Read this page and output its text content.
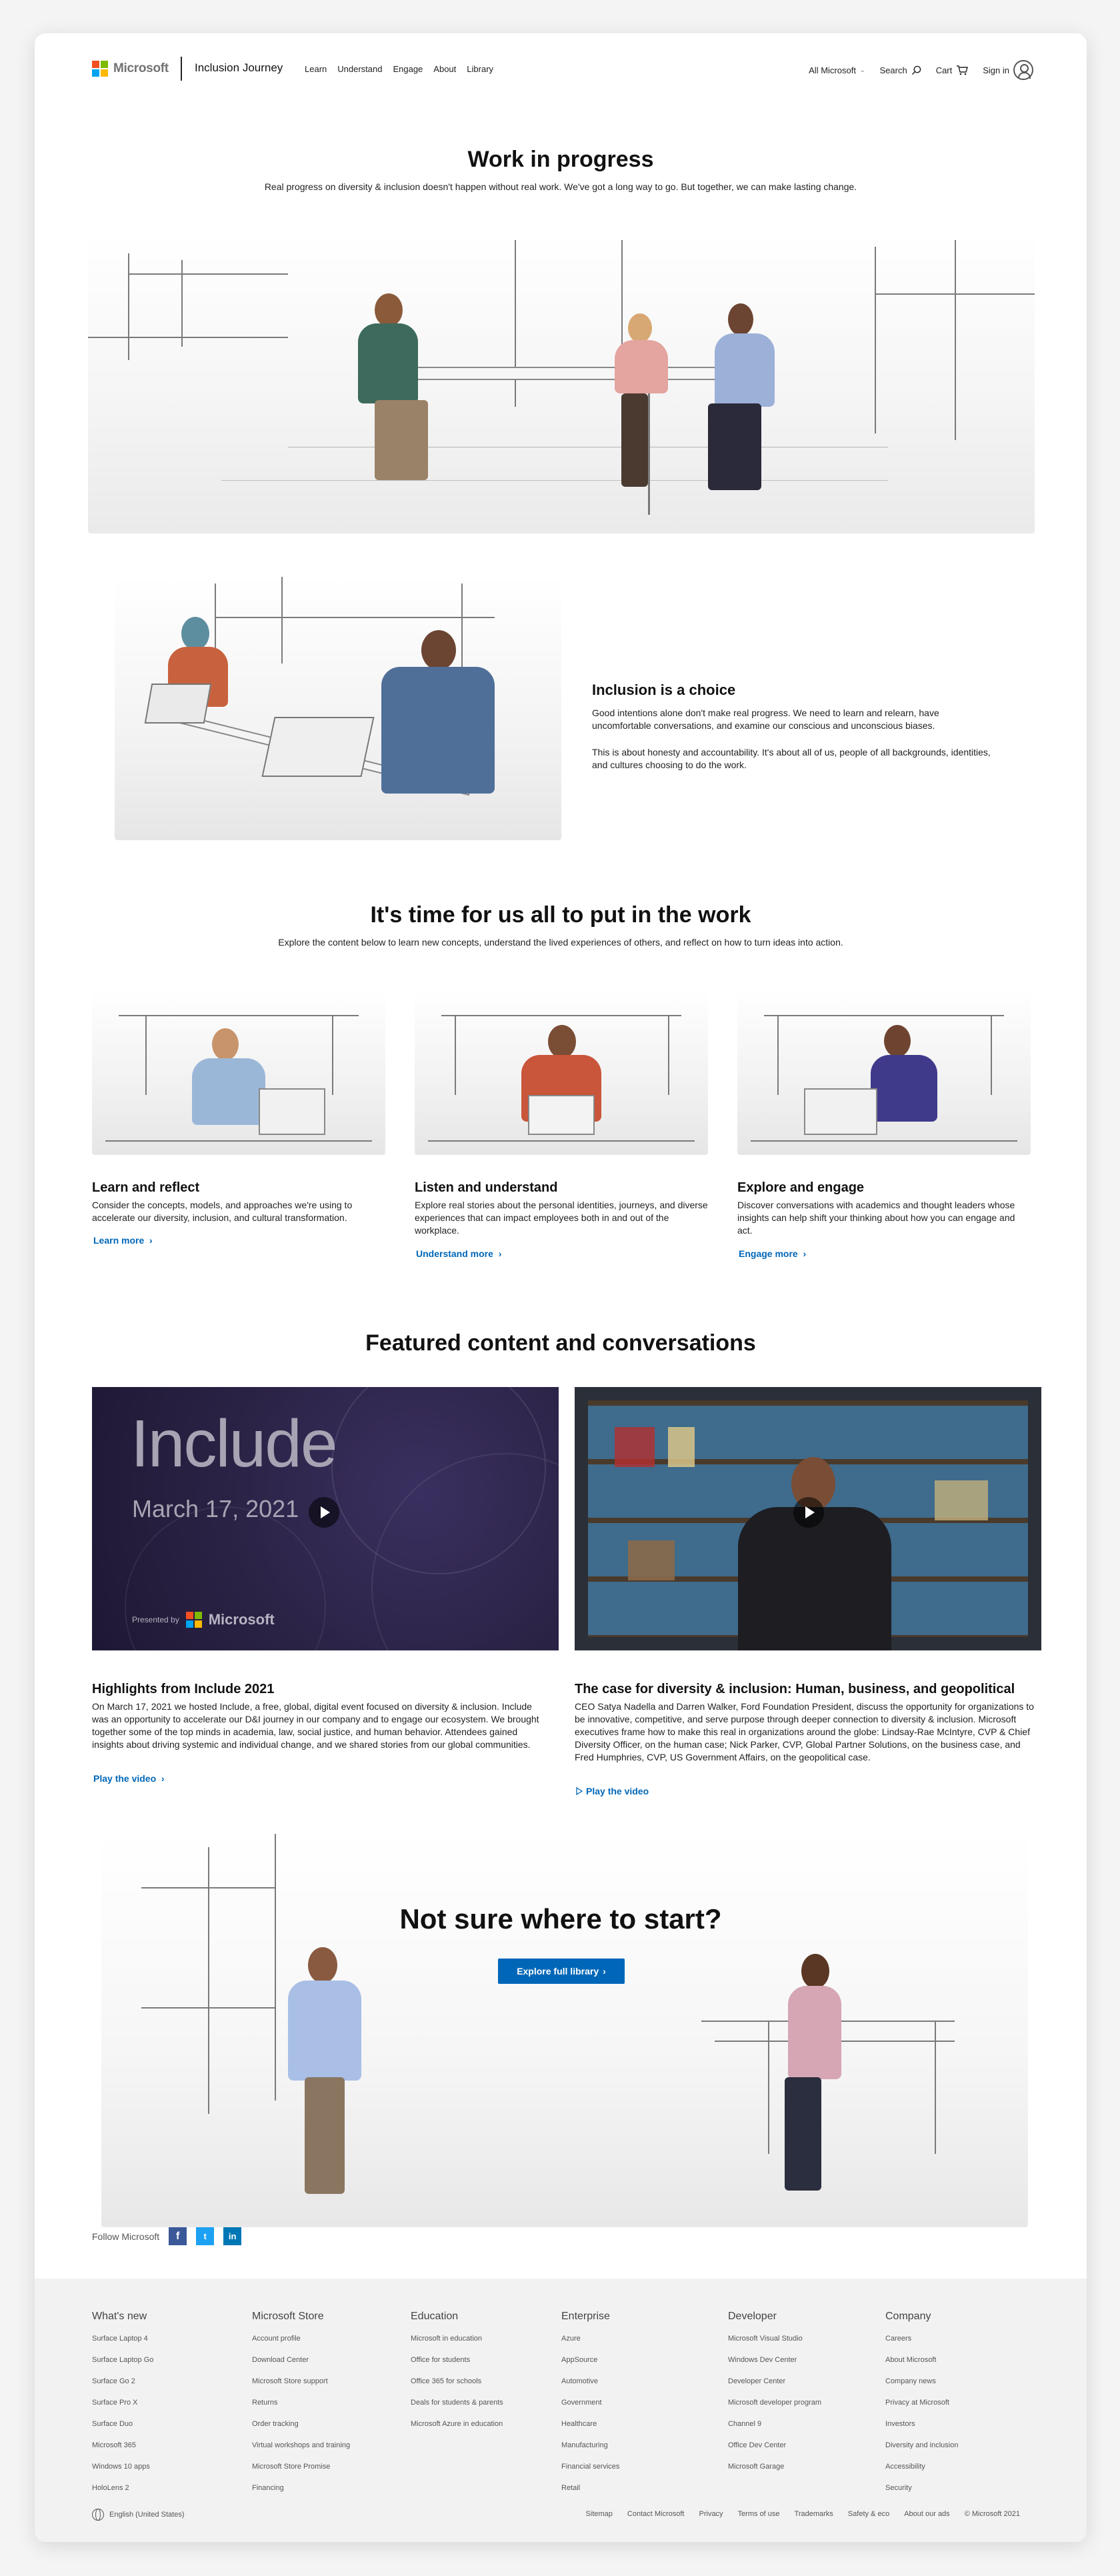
Microsoft Inclusion Journey	Learn Understand Engage About Library	All Microsoft ⌄ Search	Cart	Sign in
Work in progress
Real progress on diversity & inclusion doesn't happen without real work. We've got a long way to go. But together, we can make lasting change.
Inclusion is a choice
Good intentions alone don't make real progress. We need to learn and relearn, have uncomfortable conversations, and examine our conscious and unconscious biases.
This is about honesty and accountability. It's about all of us, people of all backgrounds, identities, and cultures choosing to do the work.
It's time for us all to put in the work
Explore the content below to learn new concepts, understand the lived experiences of others, and reflect on how to turn ideas into action.
Learn and reflect

Consider the concepts, models, and approaches we're using to accelerate our diversity, inclusion, and cultural transformation.

Learn more  ›
Listen and understand

Explore real stories about the personal identities, journeys, and diverse experiences that can impact employees both in and out of the workplace.

Understand more  ›
Explore and engage

Discover conversations with academics and thought leaders whose insights can help shift your thinking about how you can engage and act.

Engage more  ›
Featured content and conversations
Include
March 17, 2021
Presented by Microsoft
Highlights from Include 2021
On March 17, 2021 we hosted Include, a free, global, digital event focused on diversity & inclusion. Include was an opportunity to accelerate our D&I journey in our company and to engage our ecosystem. We brought together some of the top minds in academia, law, social justice, and human behavior. Attendees gained insights about driving systemic and individual change, and we shared stories from our global communities.
Play the video  ›
The case for diversity & inclusion: Human, business, and geopolitical
CEO Satya Nadella and Darren Walker, Ford Foundation President, discuss the opportunity for organizations to be innovative, competitive, and serve purpose through deeper connection to diversity & inclusion. Microsoft executives frame how to make this real in organizations around the globe: Lindsay-Rae McIntyre, CVP & Chief Diversity Officer, on the human case; Nick Parker, CVP, Global Partner Solutions, on the business case, and Fred Humphries, CVP, US Government Affairs, on the geopolitical case.
Play the video
Not sure where to start?
Explore full library ›
Follow Microsoft	f	t	in
What's new
Surface Laptop 4
Surface Laptop Go
Surface Go 2
Surface Pro X
Surface Duo
Microsoft 365
Windows 10 apps
HoloLens 2
Microsoft Store
Account profile
Download Center
Microsoft Store support
Returns
Order tracking
Virtual workshops and training
Microsoft Store Promise
Financing
Education
Microsoft in education
Office for students
Office 365 for schools
Deals for students & parents
Microsoft Azure in education
Enterprise
Azure
AppSource
Automotive
Government
Healthcare
Manufacturing
Financial services
Retail
Developer
Microsoft Visual Studio
Windows Dev Center
Developer Center
Microsoft developer program
Channel 9
Office Dev Center
Microsoft Garage
Company
Careers
About Microsoft
Company news
Privacy at Microsoft
Investors
Diversity and inclusion
Accessibility
Security
English (United States)	Sitemap Contact Microsoft Privacy Terms of use Trademarks Safety & eco About our ads © Microsoft 2021
